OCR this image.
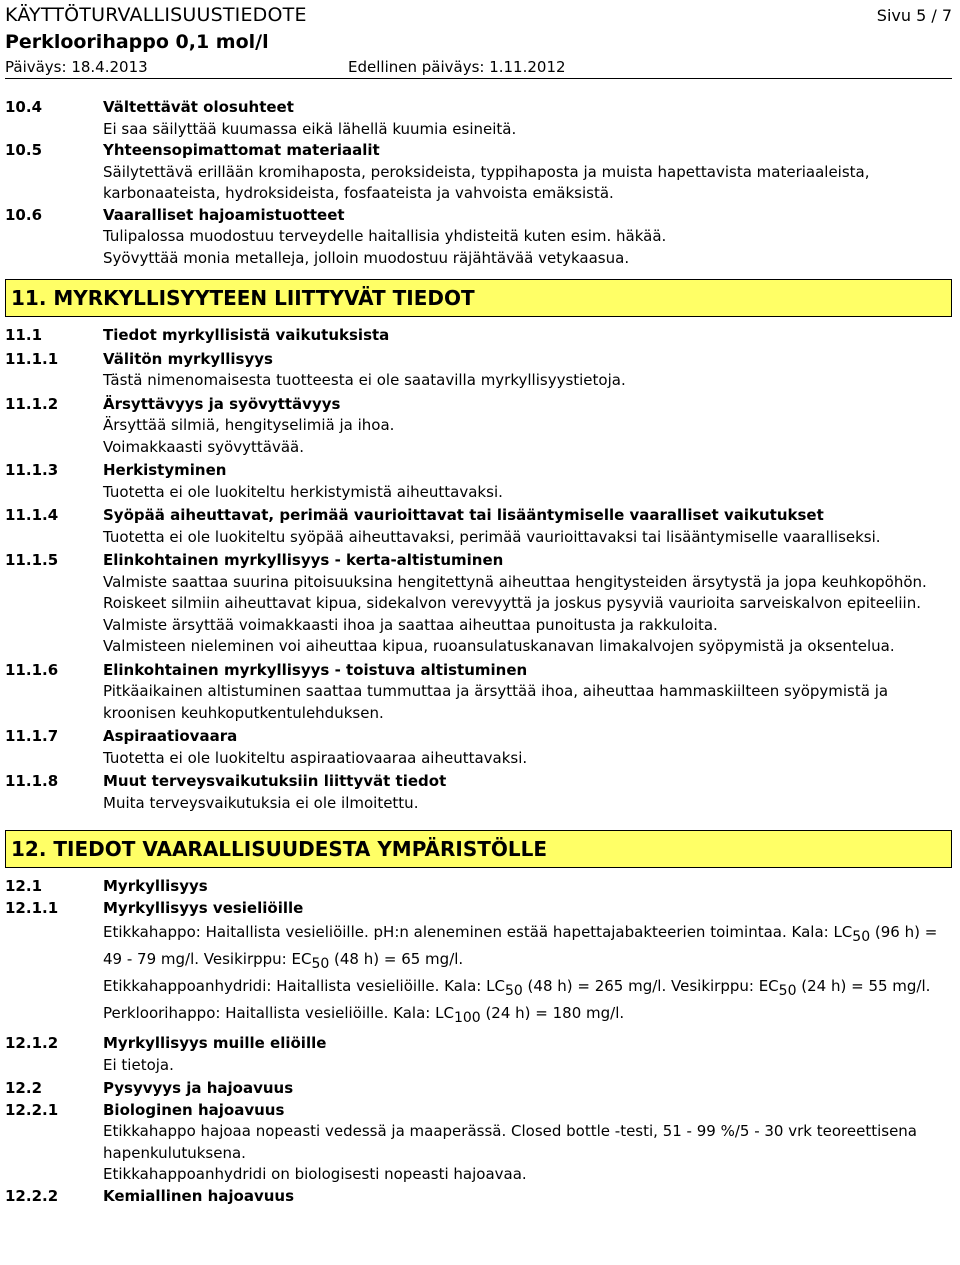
KÄYTTÖTURVALLISUUSTIEDOTE	Sivu 5 / 7
Perkloorihappo 0,1 mol/l
Päiväys: 18.4.2013	Edellinen päiväys: 1.11.2012
10.4	Vältettävät olosuhteet
Ei saa säilyttää kuumassa eikä lähellä kuumia esineitä.
10.5	Yhteensopimattomat materiaalit
Säilytettävä erillään kromihaposta, peroksideista, typpihaposta ja muista hapettavista materiaaleista,
karbonaateista, hydroksideista, fosfaateista ja vahvoista emäksistä.
10.6	Vaaralliset hajoamistuotteet
Tulipalossa muodostuu terveydelle haitallisia yhdisteitä kuten esim. häkää.
Syövyttää monia metalleja, jolloin muodostuu räjähtävää vetykaasua.
11. MYRKYLLISYYTEEN LIITTYVÄT TIEDOT
11.1	Tiedot myrkyllisistä vaikutuksista
11.1.1	Välitön myrkyllisyys
Tästä nimenomaisesta tuotteesta ei ole saatavilla myrkyllisyystietoja.
11.1.2	Ärsyttävyys ja syövyttävyys
Ärsyttää silmiä, hengityselimiä ja ihoa.
Voimakkaasti syövyttävää.
11.1.3	Herkistyminen
Tuotetta ei ole luokiteltu herkistymistä aiheuttavaksi.
11.1.4	Syöpää aiheuttavat, perimää vaurioittavat tai lisääntymiselle vaaralliset vaikutukset
Tuotetta ei ole luokiteltu syöpää aiheuttavaksi, perimää vaurioittavaksi tai lisääntymiselle vaaralliseksi.
11.1.5	Elinkohtainen myrkyllisyys - kerta-altistuminen
Valmiste saattaa suurina pitoisuuksina hengitettynä aiheuttaa hengitysteiden ärsytystä ja jopa keuhkopöhön.
Roiskeet silmiin aiheuttavat kipua, sidekalvon verevyyttä ja joskus pysyviä vaurioita sarveiskalvon epiteeliin.
Valmiste ärsyttää voimakkaasti ihoa ja saattaa aiheuttaa punoitusta ja rakkuloita.
Valmisteen nieleminen voi aiheuttaa kipua, ruoansulatuskanavan limakalvojen syöpymistä ja oksentelua.
11.1.6	Elinkohtainen myrkyllisyys - toistuva altistuminen
Pitkäaikainen altistuminen saattaa tummuttaa ja ärsyttää ihoa, aiheuttaa hammaskiilteen syöpymistä ja
kroonisen keuhkoputkentulehduksen.
11.1.7	Aspiraatiovaara
Tuotetta ei ole luokiteltu aspiraatiovaaraa aiheuttavaksi.
11.1.8	Muut terveysvaikutuksiin liittyvät tiedot
Muita terveysvaikutuksia ei ole ilmoitettu.
12. TIEDOT VAARALLISUUDESTA YMPÄRISTÖLLE
12.1	Myrkyllisyys
12.1.1	Myrkyllisyys vesieliöille
Etikkahappo: Haitallista vesieliöille. pH:n aleneminen estää hapettajabakteerien toimintaa. Kala: $LC_{50}$ (96 h) =
49 - 79 mg/l. Vesikirppu: $EC_{50}$ (48 h) = 65 mg/l.
Etikkahappoanhydridi: Haitallista vesieliöille. Kala: $LC_{50}$ (48 h) = 265 mg/l. Vesikirppu: $EC_{50}$ (24 h) = 55 mg/l.
Perkloorihappo: Haitallista vesieliöille. Kala: $LC_{100}$ (24 h) = 180 mg/l.
12.1.2	Myrkyllisyys muille eliöille
Ei tietoja.
12.2	Pysyvyys ja hajoavuus
12.2.1	Biologinen hajoavuus
Etikkahappo hajoaa nopeasti vedessä ja maaperässä. Closed bottle -testi, 51 - 99 %/5 - 30 vrk teoreettisena
hapenkulutuksena.
Etikkahappoanhydridi on biologisesti nopeasti hajoavaa.
12.2.2	Kemiallinen hajoavuus
